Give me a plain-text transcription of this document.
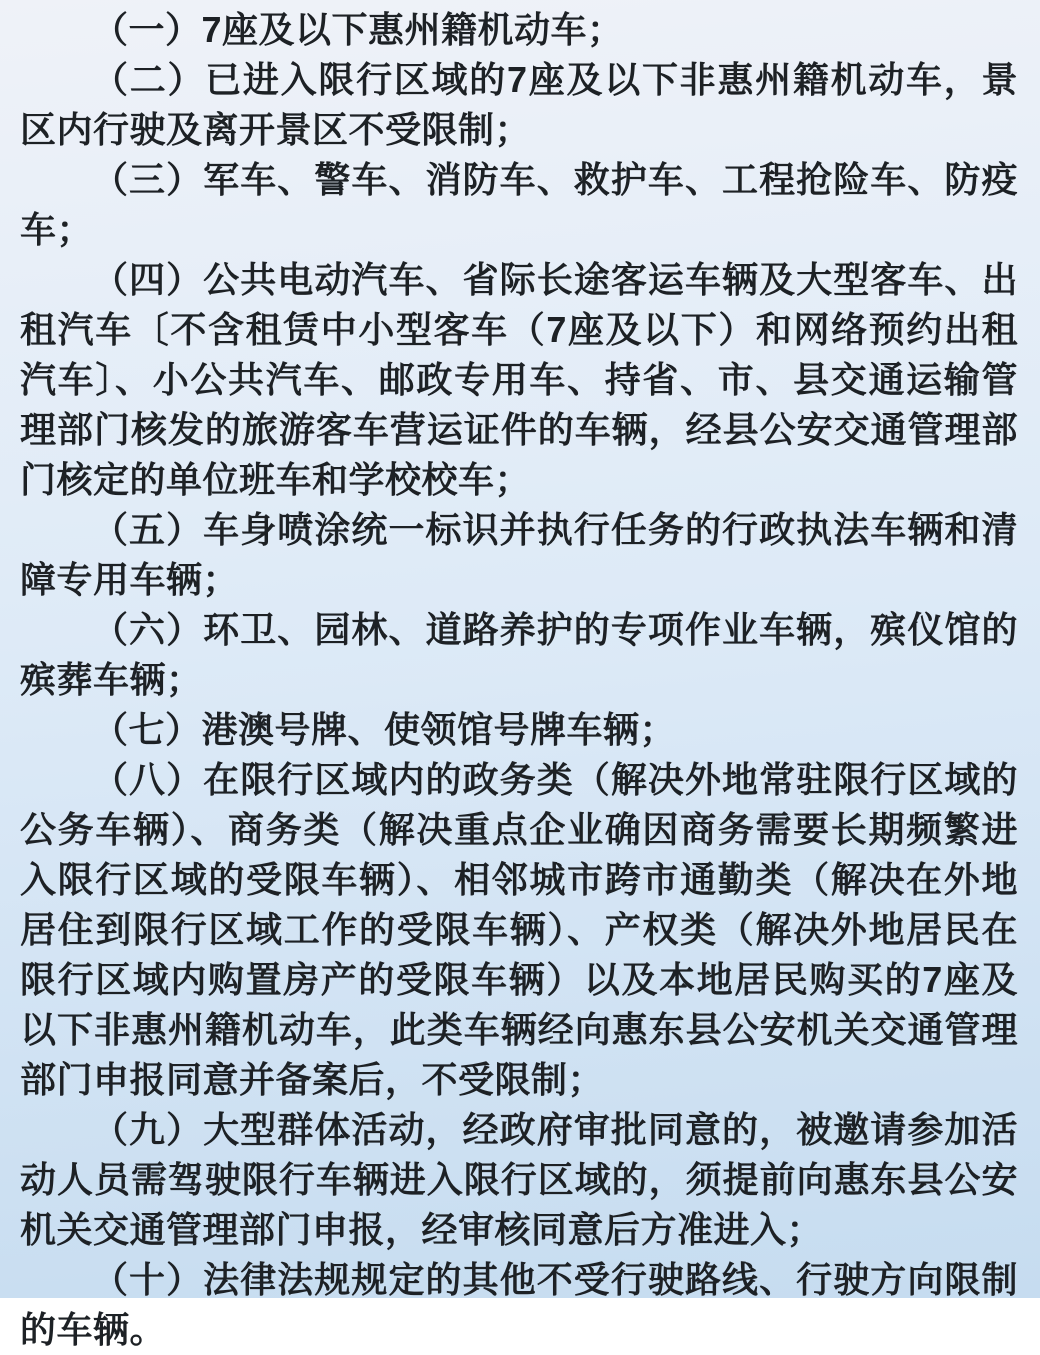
（一）7座及以下惠州籍机动车；

（二）已进入限行区域的7座及以下非惠州籍机动车，景区内行驶及离开景区不受限制；

（三）军车、警车、消防车、救护车、工程抢险车、防疫车；

（四）公共电动汽车、省际长途客运车辆及大型客车、出租汽车〔不含租赁中小型客车（7座及以下）和网络预约出租汽车〕、小公共汽车、邮政专用车、持省、市、县交通运输管理部门核发的旅游客车营运证件的车辆，经县公安交通管理部门核定的单位班车和学校校车；

（五）车身喷涂统一标识并执行任务的行政执法车辆和清障专用车辆；

（六）环卫、园林、道路养护的专项作业车辆，殡仪馆的殡葬车辆；

（七）港澳号牌、使领馆号牌车辆；

（八）在限行区域内的政务类（解决外地常驻限行区域的公务车辆）、商务类（解决重点企业确因商务需要长期频繁进入限行区域的受限车辆）、相邻城市跨市通勤类（解决在外地居住到限行区域工作的受限车辆）、产权类（解决外地居民在限行区域内购置房产的受限车辆）以及本地居民购买的7座及以下非惠州籍机动车，此类车辆经向惠东县公安机关交通管理部门申报同意并备案后，不受限制；

（九）大型群体活动，经政府审批同意的，被邀请参加活动人员需驾驶限行车辆进入限行区域的，须提前向惠东县公安机关交通管理部门申报，经审核同意后方准进入；

（十）法律法规规定的其他不受行驶路线、行驶方向限制的车辆。
